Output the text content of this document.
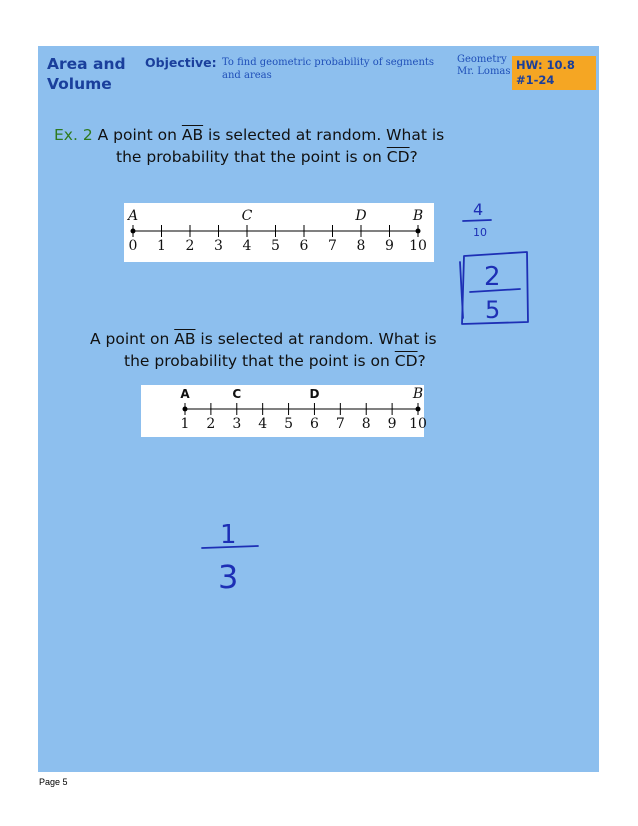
Area and Volume
Objective: To find geometric probability of segments and areas
Geometry Mr. Lomas HW: 10.8 #1-24
Ex. 2 A point on $\overline{AB}$ is selected at random. What is
the probability that the point is on $\overline{CD}$?
0 1 2 3 4 5 6 7 8 9 10
A	C	D	B
A point on $\overline{AB}$ is selected at random. What is
the probability that the point is on $\overline{CD}$?
1 2 3 4 5 6 7 8 9 10
A	C	D	B
4
10
2
5
1
3
Page 5
